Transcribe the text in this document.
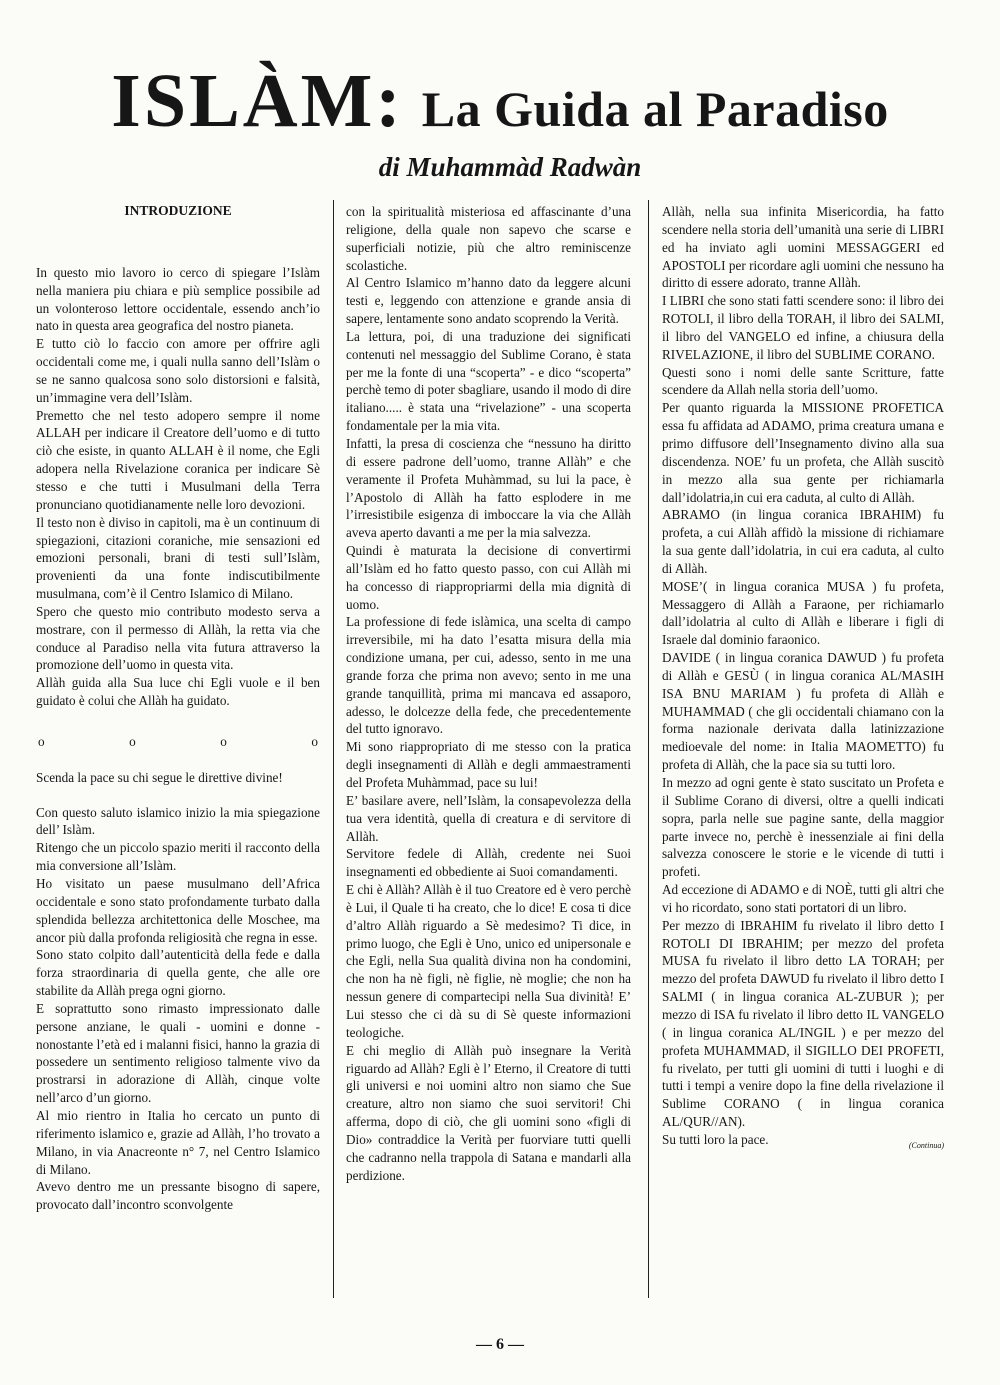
ISLÀM: La Guida al Paradiso
di Muhammàd Radwàn

INTRODUZIONE

In questo mio lavoro io cerco di spiegare l’Islàm nella maniera piu chiara e più semplice possibile ad un volonteroso lettore occidentale, essendo anch’io nato in questa area geografica del nostro pianeta.

E tutto ciò lo faccio con amore per offrire agli occidentali come me, i quali nulla sanno dell’Islàm o se ne sanno qualcosa sono solo distorsioni e falsità, un’immagine vera dell’Islàm.

Premetto che nel testo adopero sempre il nome ALLAH per indicare il Creatore dell’uomo e di tutto ciò che esiste, in quanto ALLAH è il nome, che Egli adopera nella Rivelazione coranica per indicare Sè stesso e che tutti i Musulmani della Terra pronunciano quotidianamente nelle loro devozioni.

Il testo non è diviso in capitoli, ma è un continuum di spiegazioni, citazioni coraniche, mie sensazioni ed emozioni personali, brani di testi sull’Islàm, provenienti da una fonte indiscutibilmente musulmana, com’è il Centro Islamico di Milano.

Spero che questo mio contributo modesto serva a mostrare, con il permesso di Allàh, la retta via che conduce al Paradiso nella vita futura attraverso la promozione dell’uomo in questa vita.

Allàh guida alla Sua luce chi Egli vuole e il ben guidato è colui che Allàh ha guidato.

o	o	o	o

Scenda la pace su chi segue le direttive divine!

Con questo saluto islamico inizio la mia spiegazione dell’ Islàm.

Ritengo che un piccolo spazio meriti il racconto della mia conversione all’Islàm.

Ho visitato un paese musulmano dell’Africa occidentale e sono stato profondamente turbato dalla splendida bellezza architettonica delle Moschee, ma ancor più dalla profonda religiosità che regna in esse.

Sono stato colpito dall’autenticità della fede e dalla forza straordinaria di quella gente, che alle ore stabilite da Allàh prega ogni giorno.

E soprattutto sono rimasto impressionato dalle persone anziane, le quali - uomini e donne - nonostante l’età ed i malanni fisici, hanno la grazia di possedere un sentimento religioso talmente vivo da prostrarsi in adorazione di Allàh, cinque volte nell’arco d’un giorno.

Al mio rientro in Italia ho cercato un punto di riferimento islamico e, grazie ad Allàh, l’ho trovato a Milano, in via Anacreonte n° 7, nel Centro Islamico di Milano.

Avevo dentro me un pressante bisogno di sapere, provocato dall’incontro sconvolgente

con la spiritualità misteriosa ed affascinante d’una religione, della quale non sapevo che scarse e superficiali notizie, più che altro reminiscenze scolastiche.

Al Centro Islamico m’hanno dato da leggere alcuni testi e, leggendo con attenzione e grande ansia di sapere, lentamente sono andato scoprendo la Verità.

La lettura, poi, di una traduzione dei significati contenuti nel messaggio del Sublime Corano, è stata per me la fonte di una “scoperta” - e dico “scoperta” perchè temo di poter sbagliare, usando il modo di dire italiano..... è stata una “rivelazione” - una scoperta fondamentale per la mia vita.

Infatti, la presa di coscienza che “nessuno ha diritto di essere padrone dell’uomo, tranne Allàh” e che veramente il Profeta Muhàmmad, su lui la pace, è l’Apostolo di Allàh ha fatto esplodere in me l’irresistibile esigenza di imboccare la via che Allàh aveva aperto davanti a me per la mia salvezza.

Quindi è maturata la decisione di convertirmi all’Islàm ed ho fatto questo passo, con cui Allàh mi ha concesso di riappropriarmi della mia dignità di uomo.

La professione di fede islàmica, una scelta di campo irreversibile, mi ha dato l’esatta misura della mia condizione umana, per cui, adesso, sento in me una grande forza che prima non avevo; sento in me una grande tanquillità, prima mi mancava ed assaporo, adesso, le dolcezze della fede, che precedentemente del tutto ignoravo.

Mi sono riappropriato di me stesso con la pratica degli insegnamenti di Allàh e degli ammaestramenti del Profeta Muhàmmad, pace su lui!

E’ basilare avere, nell’Islàm, la consapevolezza della tua vera identità, quella di creatura e di servitore di Allàh.

Servitore fedele di Allàh, credente nei Suoi insegnamenti ed obbediente ai Suoi comandamenti.

E chi è Allàh? Allàh è il tuo Creatore ed è vero perchè è Lui, il Quale ti ha creato, che lo dice! E cosa ti dice d’altro Allàh riguardo a Sè medesimo? Ti dice, in primo luogo, che Egli è Uno, unico ed unipersonale e che Egli, nella Sua qualità divina non ha condomini, che non ha nè figli, nè figlie, nè moglie; che non ha nessun genere di compartecipi nella Sua divinità! E’ Lui stesso che ci dà su di Sè queste informazioni teologiche.

E chi meglio di Allàh può insegnare la Verità riguardo ad Allàh? Egli è l’ Eterno, il Creatore di tutti gli universi e noi uomini altro non siamo che Sue creature, altro non siamo che suoi servitori! Chi afferma, dopo di ciò, che gli uomini sono «figli di Dio» contraddice la Verità per fuorviare tutti quelli che cadranno nella trappola di Satana e mandarli alla perdizione.

Allàh, nella sua infinita Misericordia, ha fatto scendere nella storia dell’umanità una serie di LIBRI ed ha inviato agli uomini MESSAGGERI ed APOSTOLI per ricordare agli uomini che nessuno ha diritto di essere adorato, tranne Allàh.

I LIBRI che sono stati fatti scendere sono: il libro dei ROTOLI, il libro della TORAH, il libro dei SALMI, il libro del VANGELO ed infine, a chiusura della RIVELAZIONE, il libro del SUBLIME CORANO.

Questi sono i nomi delle sante Scritture, fatte scendere da Allah nella storia dell’uomo.

Per quanto riguarda la MISSIONE PROFETICA essa fu affidata ad ADAMO, prima creatura umana e primo diffusore dell’Insegnamento divino alla sua discendenza. NOE’ fu un profeta, che Allàh suscitò in mezzo alla sua gente per richiamarla dall’idolatria,in cui era caduta, al culto di Allàh.

ABRAMO (in lingua coranica IBRAHIM) fu profeta, a cui Allàh affidò la missione di richiamare la sua gente dall’idolatria, in cui era caduta, al culto di Allàh.

MOSE’( in lingua coranica MUSA ) fu profeta, Messaggero di Allàh a Faraone, per richiamarlo dall’idolatria al culto di Allàh e liberare i figli di Israele dal dominio faraonico.

DAVIDE ( in lingua coranica DAWUD ) fu profeta di Allàh e GESÙ ( in lingua coranica AL/MASIH ISA BNU MARIAM ) fu profeta di Allàh e MUHAMMAD ( che gli occidentali chiamano con la forma nazionale derivata dalla latinizzazione medioevale del nome: in Italia MAOMETTO) fu profeta di Allàh, che la pace sia su tutti loro.

In mezzo ad ogni gente è stato suscitato un Profeta e il Sublime Corano di diversi, oltre a quelli indicati sopra, parla nelle sue pagine sante, della maggior parte invece no, perchè è inessenziale ai fini della salvezza conoscere le storie e le vicende di tutti i profeti.

Ad eccezione di ADAMO e di NOÈ, tutti gli altri che vi ho ricordato, sono stati portatori di un libro.

Per mezzo di IBRAHIM fu rivelato il libro detto I ROTOLI DI IBRAHIM; per mezzo del profeta MUSA fu rivelato il libro detto LA TORAH; per mezzo del profeta DAWUD fu rivelato il libro detto I SALMI ( in lingua coranica AL-ZUBUR ); per mezzo di ISA fu rivelato il libro detto IL VANGELO ( in lingua coranica AL/INGIL ) e per mezzo del profeta MUHAMMAD, il SIGILLO DEI PROFETI, fu rivelato, per tutti gli uomini di tutti i luoghi e di tutti i tempi a venire dopo la fine della rivelazione il Sublime CORANO ( in lingua coranica AL/QUR//AN).

Su tutti loro la pace.	(Continua)

— 6 —
